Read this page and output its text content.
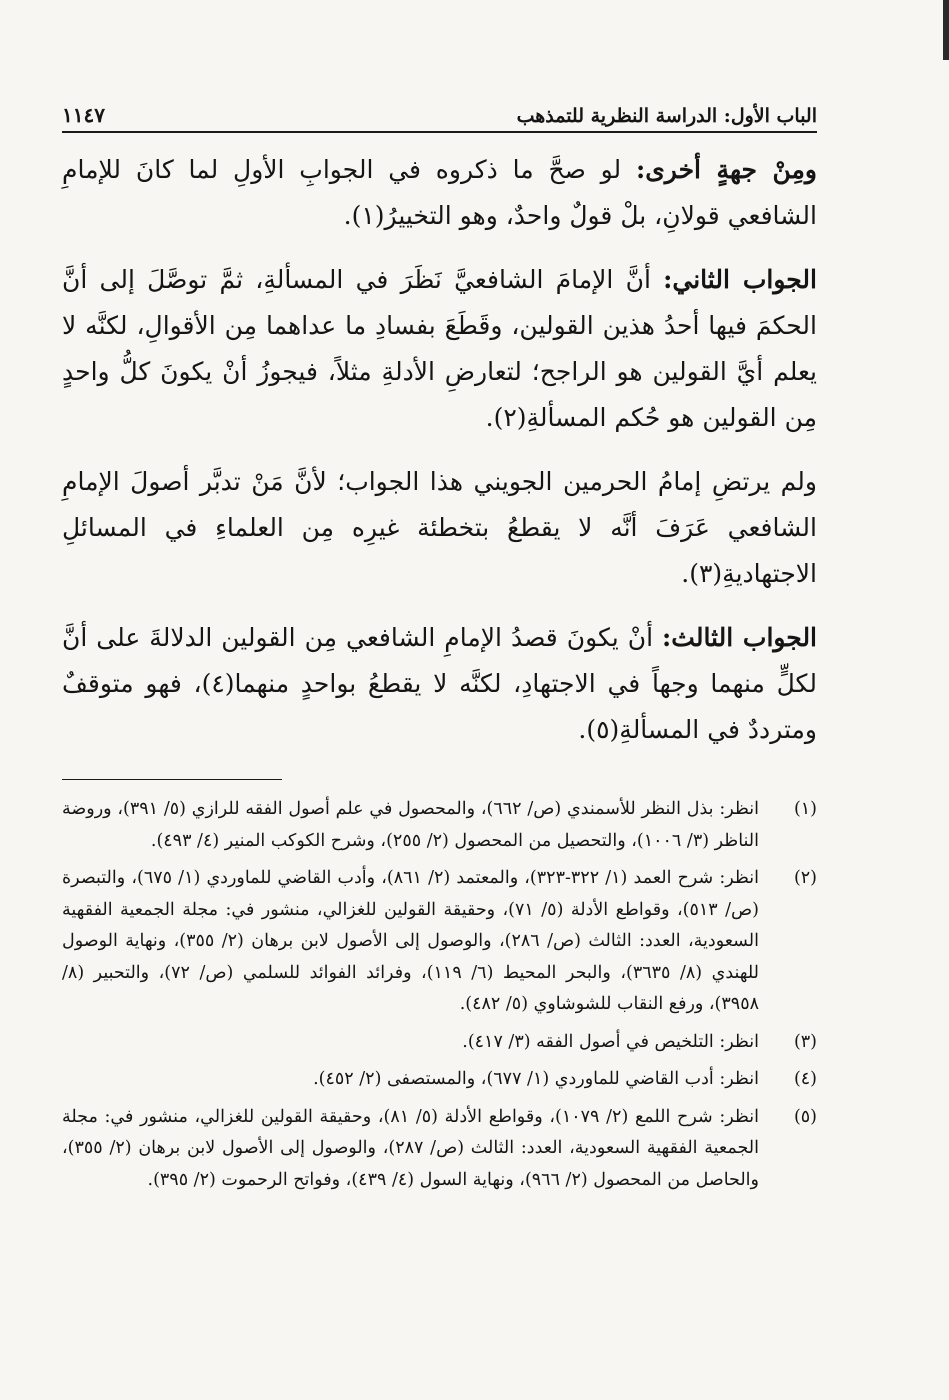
الباب الأول: الدراسة النظرية للتمذهب
١١٤٧

ومِنْ جهةٍ أخرى: لو صحَّ ما ذكروه في الجوابِ الأولِ لما كانَ للإمامِ الشافعي قولانِ، بلْ قولٌ واحدٌ، وهو التخييرُ(١).

الجواب الثاني: أنَّ الإمامَ الشافعيَّ نَظَرَ في المسألةِ، ثمَّ توصَّلَ إلى أنَّ الحكمَ فيها أحدُ هذين القولين، وقَطَعَ بفسادِ ما عداهما مِن الأقوالِ، لكنَّه لا يعلم أيَّ القولين هو الراجح؛ لتعارضِ الأدلةِ مثلاً، فيجوزُ أنْ يكونَ كلُّ واحدٍ مِن القولين هو حُكم المسألةِ(٢).

ولم يرتضِ إمامُ الحرمين الجويني هذا الجواب؛ لأنَّ مَنْ تدبَّر أصولَ الإمامِ الشافعي عَرَفَ أنَّه لا يقطعُ بتخطئة غيرِه مِن العلماءِ في المسائلِ الاجتهاديةِ(٣).

الجواب الثالث: أنْ يكونَ قصدُ الإمامِ الشافعي مِن القولين الدلالةَ على أنَّ لكلٍّ منهما وجهاً في الاجتهادِ، لكنَّه لا يقطعُ بواحدٍ منهما(٤)، فهو متوقفٌ ومترددٌ في المسألةِ(٥).

(١)
انظر: بذل النظر للأسمندي (ص/ ٦٦٢)، والمحصول في علم أصول الفقه للرازي (٥/ ٣٩١)، وروضة الناظر (٣/ ١٠٠٦)، والتحصيل من المحصول (٢/ ٢٥٥)، وشرح الكوكب المنير (٤/ ٤٩٣).
(٢)
انظر: شرح العمد (١/ ٣٢٢-٣٢٣)، والمعتمد (٢/ ٨٦١)، وأدب القاضي للماوردي (١/ ٦٧٥)، والتبصرة (ص/ ٥١٣)، وقواطع الأدلة (٥/ ٧١)، وحقيقة القولين للغزالي، منشور في: مجلة الجمعية الفقهية السعودية، العدد: الثالث (ص/ ٢٨٦)، والوصول إلى الأصول لابن برهان (٢/ ٣٥٥)، ونهاية الوصول للهندي (٨/ ٣٦٣٥)، والبحر المحيط (٦/ ١١٩)، وفرائد الفوائد للسلمي (ص/ ٧٢)، والتحبير (٨/ ٣٩٥٨)، ورفع النقاب للشوشاوي (٥/ ٤٨٢).
(٣)
انظر: التلخيص في أصول الفقه (٣/ ٤١٧).
(٤)
انظر: أدب القاضي للماوردي (١/ ٦٧٧)، والمستصفى (٢/ ٤٥٢).
(٥)
انظر: شرح اللمع (٢/ ١٠٧٩)، وقواطع الأدلة (٥/ ٨١)، وحقيقة القولين للغزالي، منشور في: مجلة الجمعية الفقهية السعودية، العدد: الثالث (ص/ ٢٨٧)، والوصول إلى الأصول لابن برهان (٢/ ٣٥٥)، والحاصل من المحصول (٢/ ٩٦٦)، ونهاية السول (٤/ ٤٣٩)، وفواتح الرحموت (٢/ ٣٩٥).
